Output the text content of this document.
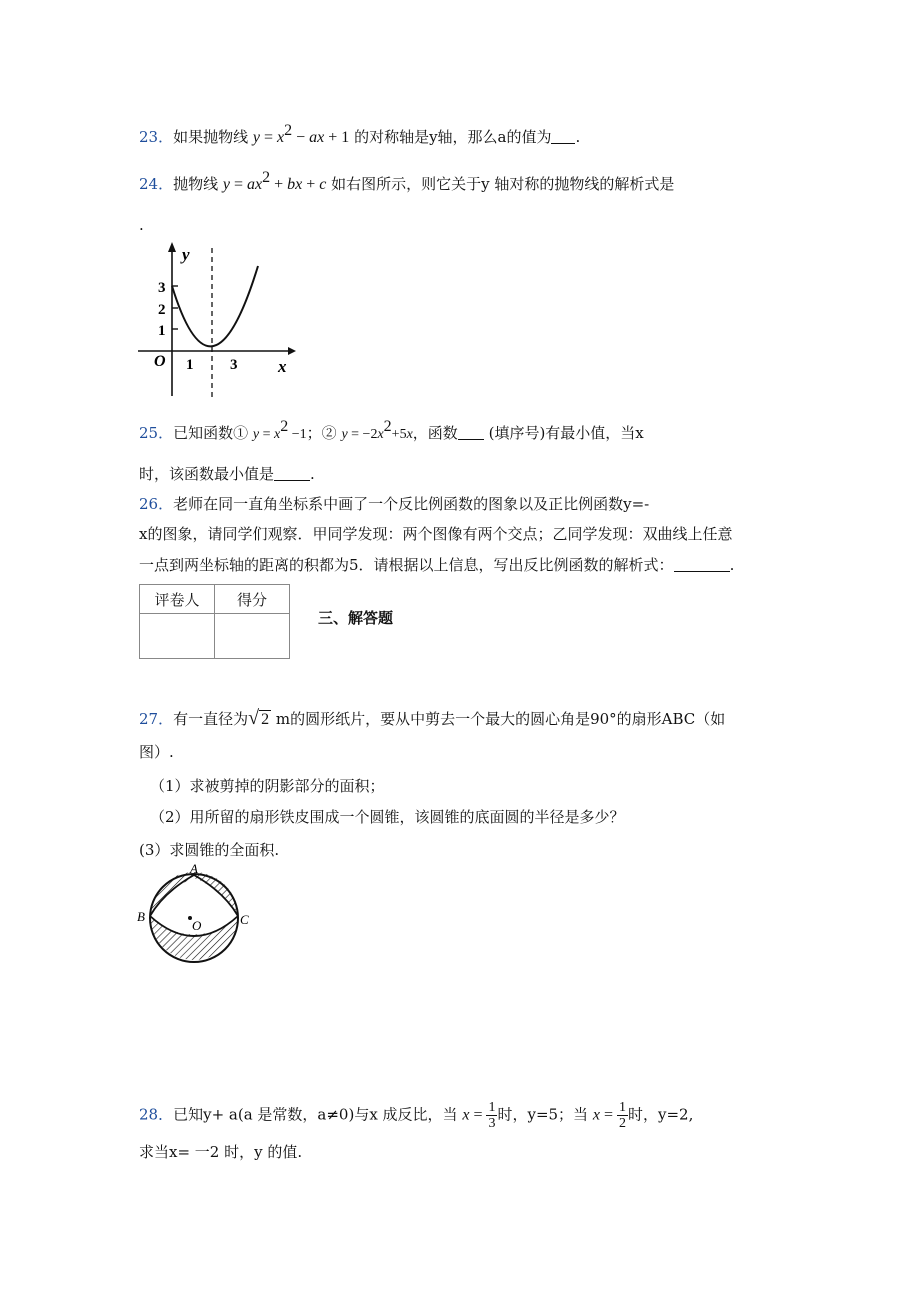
23．如果抛物线 $y = x^2$ − ax + 1 的对称轴是y轴，那么a的值为 .
24．抛物线 $y = ax^2$ + bx + c 如右图所示，则它关于y 轴对称的抛物线的解析式是
.
y
x
O
3
2
1
1 3
25．已知函数① $y = x^2 -1$；② $y = -2x^2+5x$，函数 (填序号)有最小值，当x
时，该函数最小值是 .
26．老师在同一直角坐标系中画了一个反比例函数的图象以及正比例函数y=-
x的图象，请同学们观察．甲同学发现：两个图像有两个交点；乙同学发现：双曲线上任意
一点到两坐标轴的距离的积都为5．请根据以上信息，写出反比例函数的解析式：	.
评卷人	得分

三、解答题
27．有一直径为√ 2 m的圆形纸片，要从中剪去一个最大的圆心角是90°的扇形ABC（如
图）.
（1）求被剪掉的阴影部分的面积；
（2）用所留的扇形铁皮围成一个圆锥，该圆锥的底面圆的半径是多少？
(3）求圆锥的全面积.
A
B	C
O
28．已知y+ a(a 是常数，a≠0)与x 成反比，当 $x = \frac{1}{3}$ 时，y=5；当 $x = \frac{1}{2}$ 时，y=2,
求当x= 一2 时，y 的值.
